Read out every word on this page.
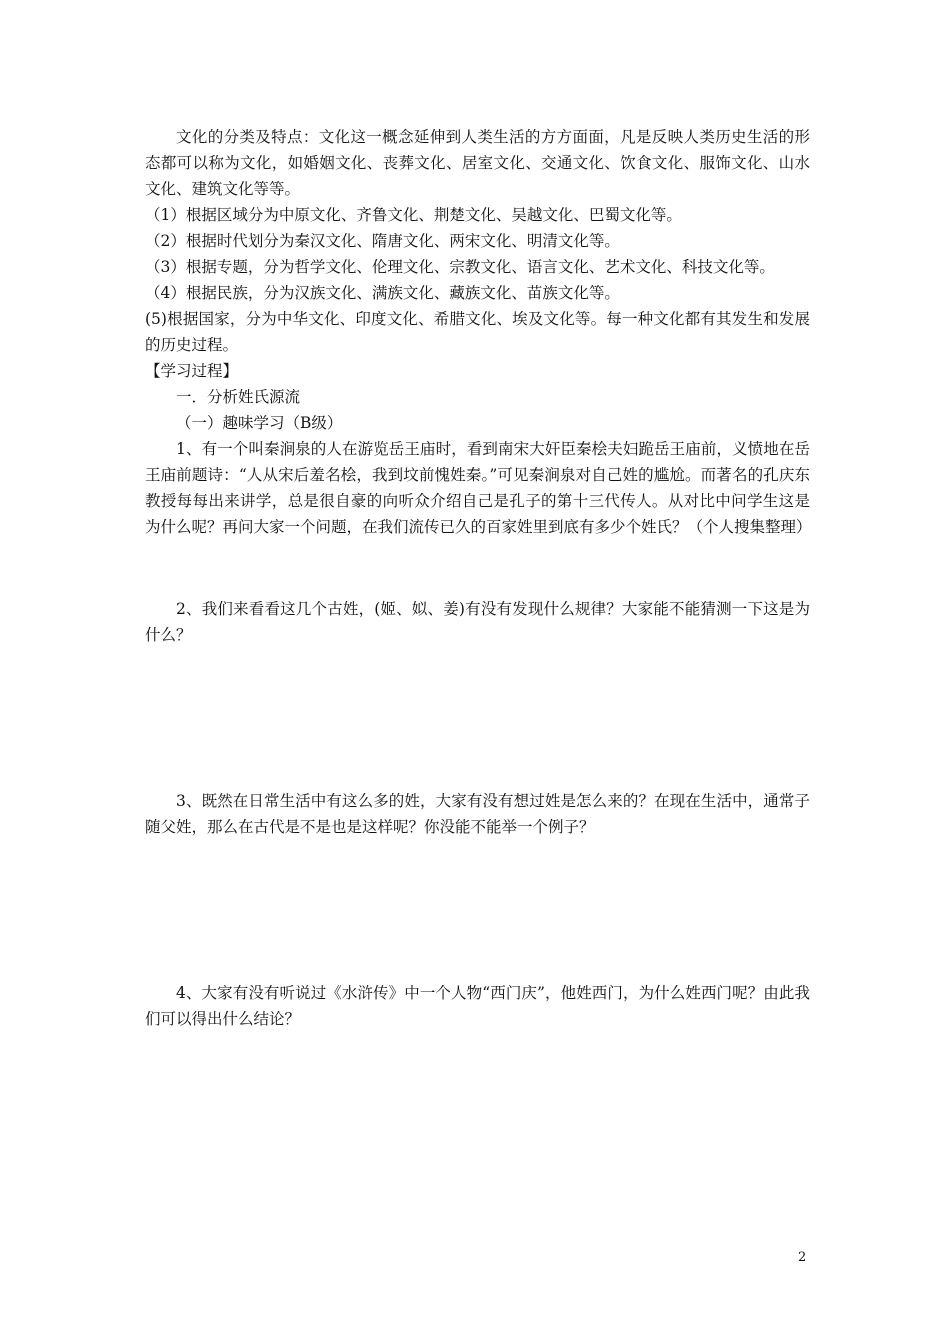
文化的分类及特点：文化这一概念延伸到人类生活的方方面面，凡是反映人类历史生活的形态都可以称为文化，如婚姻文化、丧葬文化、居室文化、交通文化、饮食文化、服饰文化、山水文化、建筑文化等等。

（1）根据区域分为中原文化、齐鲁文化、荆楚文化、吴越文化、巴蜀文化等。

（2）根据时代划分为秦汉文化、隋唐文化、两宋文化、明清文化等。

（3）根据专题，分为哲学文化、伦理文化、宗教文化、语言文化、艺术文化、科技文化等。

（4）根据民族，分为汉族文化、满族文化、藏族文化、苗族文化等。

(5)根据国家，分为中华文化、印度文化、希腊文化、埃及文化等。每一种文化都有其发生和发展的历史过程。

【学习过程】

一．分析姓氏源流

（一）趣味学习（B级）

1、有一个叫秦涧泉的人在游览岳王庙时，看到南宋大奸臣秦桧夫妇跪岳王庙前，义愤地在岳王庙前题诗：“人从宋后羞名桧，我到坟前愧姓秦。”可见秦涧泉对自己姓的尴尬。而著名的孔庆东教授每每出来讲学，总是很自豪的向听众介绍自己是孔子的第十三代传人。从对比中问学生这是为什么呢？再问大家一个问题，在我们流传已久的百家姓里到底有多少个姓氏？（个人搜集整理）

2、我们来看看这几个古姓，(姬、姒、姜)有没有发现什么规律？大家能不能猜测一下这是为什么？

3、既然在日常生活中有这么多的姓，大家有没有想过姓是怎么来的？在现在生活中，通常子随父姓，那么在古代是不是也是这样呢？你没能不能举一个例子？

4、大家有没有听说过《水浒传》中一个人物“西门庆”，他姓西门，为什么姓西门呢？由此我们可以得出什么结论？

2
